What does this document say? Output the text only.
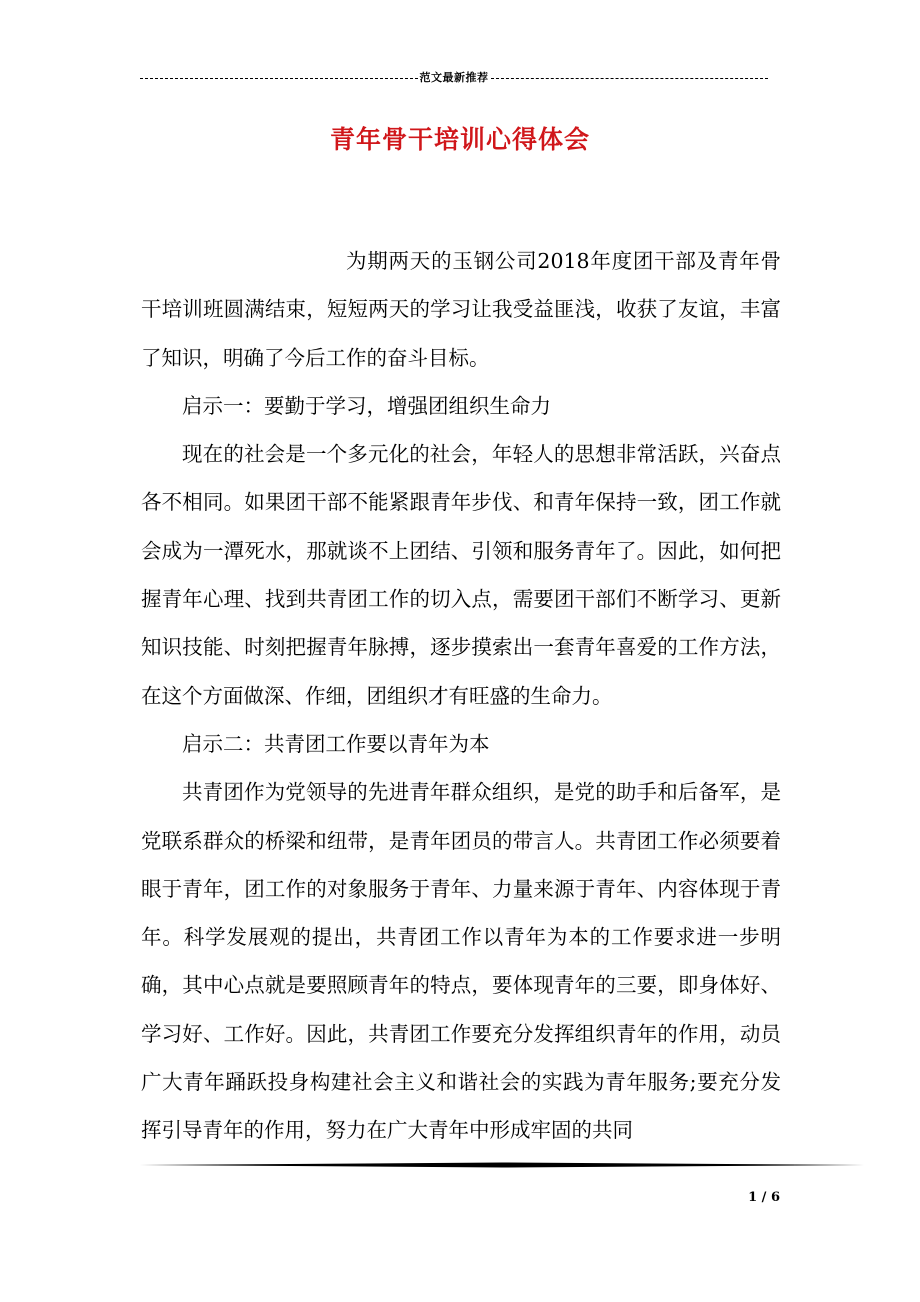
范文最新推荐
青年骨干培训心得体会

为期两天的玉钢公司2018年度团干部及青年骨干培训班圆满结束，短短两天的学习让我受益匪浅，收获了友谊，丰富了知识，明确了今后工作的奋斗目标。

启示一：要勤于学习，增强团组织生命力

现在的社会是一个多元化的社会，年轻人的思想非常活跃，兴奋点各不相同。如果团干部不能紧跟青年步伐、和青年保持一致，团工作就会成为一潭死水，那就谈不上团结、引领和服务青年了。因此，如何把握青年心理、找到共青团工作的切入点，需要团干部们不断学习、更新知识技能、时刻把握青年脉搏，逐步摸索出一套青年喜爱的工作方法，在这个方面做深、作细，团组织才有旺盛的生命力。

启示二：共青团工作要以青年为本

共青团作为党领导的先进青年群众组织，是党的助手和后备军，是党联系群众的桥梁和纽带，是青年团员的带言人。共青团工作必须要着眼于青年，团工作的对象服务于青年、力量来源于青年、内容体现于青年。科学发展观的提出，共青团工作以青年为本的工作要求进一步明确，其中心点就是要照顾青年的特点，要体现青年的三要，即身体好、学习好、工作好。因此，共青团工作要充分发挥组织青年的作用，动员广大青年踊跃投身构建社会主义和谐社会的实践为青年服务;要充分发挥引导青年的作用，努力在广大青年中形成牢固的共同

1 / 6
